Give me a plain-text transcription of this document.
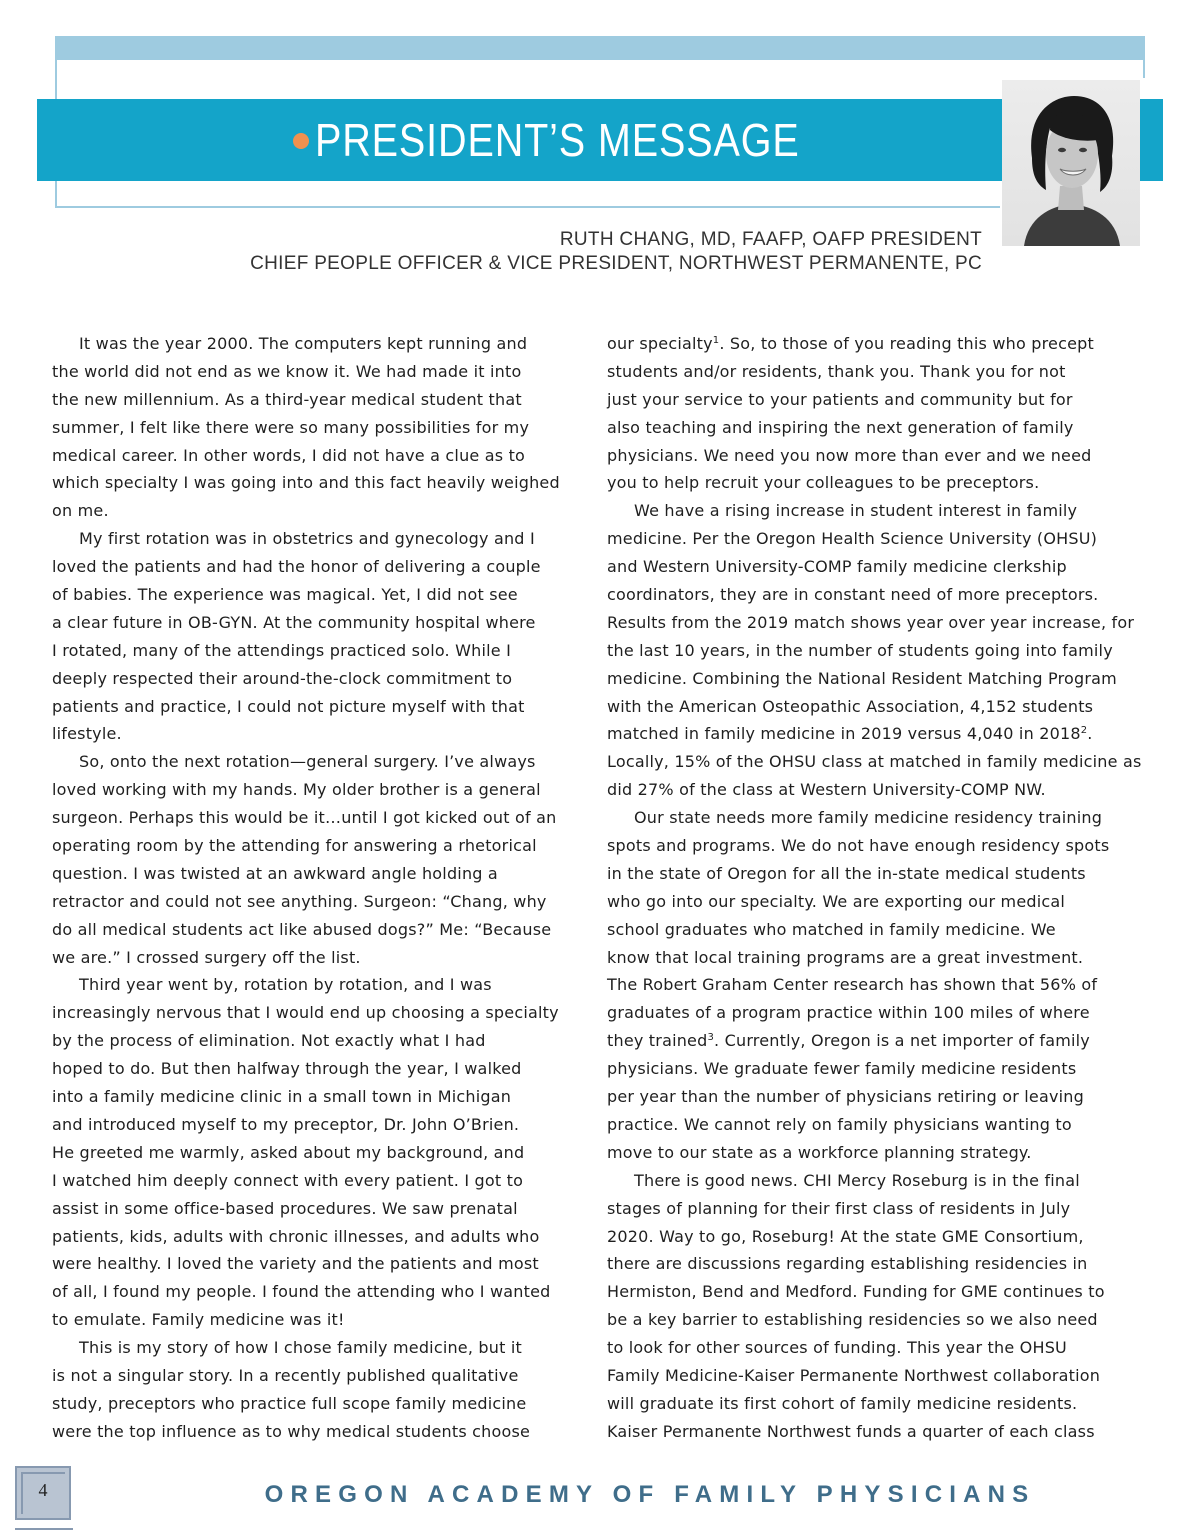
PRESIDENT’S MESSAGE
RUTH CHANG, MD, FAAFP, OAFP PRESIDENT
CHIEF PEOPLE OFFICER & VICE PRESIDENT, NORTHWEST PERMANENTE, PC
It was the year 2000. The computers kept running and
the world did not end as we know it. We had made it into
the new millennium. As a third-year medical student that
summer, I felt like there were so many possibilities for my
medical career. In other words, I did not have a clue as to
which specialty I was going into and this fact heavily weighed
on me.
My first rotation was in obstetrics and gynecology and I
loved the patients and had the honor of delivering a couple
of babies. The experience was magical. Yet, I did not see
a clear future in OB-GYN. At the community hospital where
I rotated, many of the attendings practiced solo. While I
deeply respected their around-the-clock commitment to
patients and practice, I could not picture myself with that
lifestyle.
So, onto the next rotation—general surgery. I’ve always
loved working with my hands. My older brother is a general
surgeon. Perhaps this would be it…until I got kicked out of an
operating room by the attending for answering a rhetorical
question. I was twisted at an awkward angle holding a
retractor and could not see anything. Surgeon: “Chang, why
do all medical students act like abused dogs?” Me: “Because
we are.” I crossed surgery off the list.
Third year went by, rotation by rotation, and I was
increasingly nervous that I would end up choosing a specialty
by the process of elimination. Not exactly what I had
hoped to do. But then halfway through the year, I walked
into a family medicine clinic in a small town in Michigan
and introduced myself to my preceptor, Dr. John O’Brien.
He greeted me warmly, asked about my background, and
I watched him deeply connect with every patient. I got to
assist in some office-based procedures. We saw prenatal
patients, kids, adults with chronic illnesses, and adults who
were healthy. I loved the variety and the patients and most
of all, I found my people. I found the attending who I wanted
to emulate. Family medicine was it!
This is my story of how I chose family medicine, but it
is not a singular story. In a recently published qualitative
study, preceptors who practice full scope family medicine
were the top influence as to why medical students choose
our specialty$^1$. So, to those of you reading this who precept
students and/or residents, thank you. Thank you for not
just your service to your patients and community but for
also teaching and inspiring the next generation of family
physicians. We need you now more than ever and we need
you to help recruit your colleagues to be preceptors.
We have a rising increase in student interest in family
medicine. Per the Oregon Health Science University (OHSU)
and Western University-COMP family medicine clerkship
coordinators, they are in constant need of more preceptors.
Results from the 2019 match shows year over year increase, for
the last 10 years, in the number of students going into family
medicine. Combining the National Resident Matching Program
with the American Osteopathic Association, 4,152 students
matched in family medicine in 2019 versus 4,040 in 2018$^2$.
Locally, 15% of the OHSU class at matched in family medicine as
did 27% of the class at Western University-COMP NW.
Our state needs more family medicine residency training
spots and programs. We do not have enough residency spots
in the state of Oregon for all the in-state medical students
who go into our specialty. We are exporting our medical
school graduates who matched in family medicine. We
know that local training programs are a great investment.
The Robert Graham Center research has shown that 56% of
graduates of a program practice within 100 miles of where
they trained$^3$. Currently, Oregon is a net importer of family
physicians. We graduate fewer family medicine residents
per year than the number of physicians retiring or leaving
practice. We cannot rely on family physicians wanting to
move to our state as a workforce planning strategy.
There is good news. CHI Mercy Roseburg is in the final
stages of planning for their first class of residents in July
2020. Way to go, Roseburg! At the state GME Consortium,
there are discussions regarding establishing residencies in
Hermiston, Bend and Medford. Funding for GME continues to
be a key barrier to establishing residencies so we also need
to look for other sources of funding. This year the OHSU
Family Medicine-Kaiser Permanente Northwest collaboration
will graduate its first cohort of family medicine residents.
Kaiser Permanente Northwest funds a quarter of each class
4	OREGON ACADEMY OF FAMILY PHYSICIANS
